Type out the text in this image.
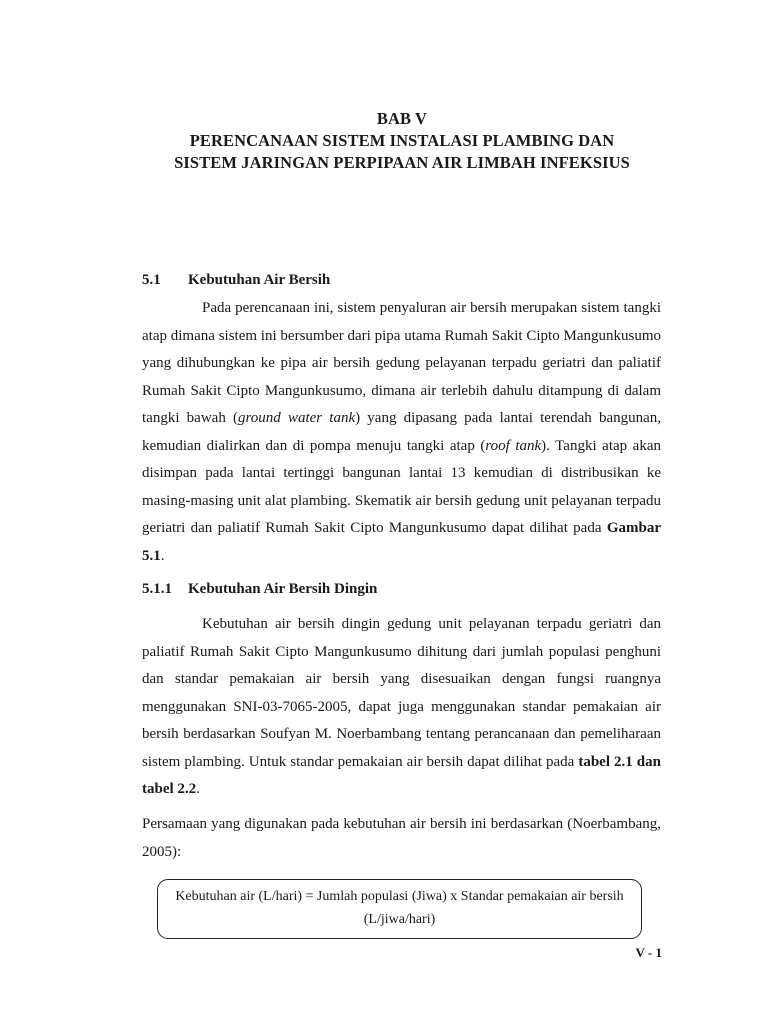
BAB V
PERENCANAAN SISTEM INSTALASI PLAMBING DAN
SISTEM JARINGAN PERPIPAAN AIR LIMBAH INFEKSIUS
5.1 Kebutuhan Air Bersih

Pada perencanaan ini, sistem penyaluran air bersih merupakan sistem tangki atap dimana sistem ini bersumber dari pipa utama Rumah Sakit Cipto Mangunkusumo yang dihubungkan ke pipa air bersih gedung pelayanan terpadu geriatri dan paliatif Rumah Sakit Cipto Mangunkusumo, dimana air terlebih dahulu ditampung di dalam tangki bawah (ground water tank) yang dipasang pada lantai terendah bangunan, kemudian dialirkan dan di pompa menuju tangki atap (roof tank). Tangki atap akan disimpan pada lantai tertinggi bangunan lantai 13 kemudian di distribusikan ke masing-masing unit alat plambing. Skematik air bersih gedung unit pelayanan terpadu geriatri dan paliatif Rumah Sakit Cipto Mangunkusumo dapat dilihat pada Gambar 5.1.

5.1.1 Kebutuhan Air Bersih Dingin

Kebutuhan air bersih dingin gedung unit pelayanan terpadu geriatri dan paliatif Rumah Sakit Cipto Mangunkusumo dihitung dari jumlah populasi penghuni dan standar pemakaian air bersih yang disesuaikan dengan fungsi ruangnya menggunakan SNI-03-7065-2005, dapat juga menggunakan standar pemakaian air bersih berdasarkan Soufyan M. Noerbambang tentang perancanaan dan pemeliharaan sistem plambing. Untuk standar pemakaian air bersih dapat dilihat pada tabel 2.1 dan tabel 2.2.

Persamaan yang digunakan pada kebutuhan air bersih ini berdasarkan (Noerbambang, 2005):
Kebutuhan air (L/hari) = Jumlah populasi (Jiwa) x Standar pemakaian air bersih
(L/jiwa/hari)
V - 1
